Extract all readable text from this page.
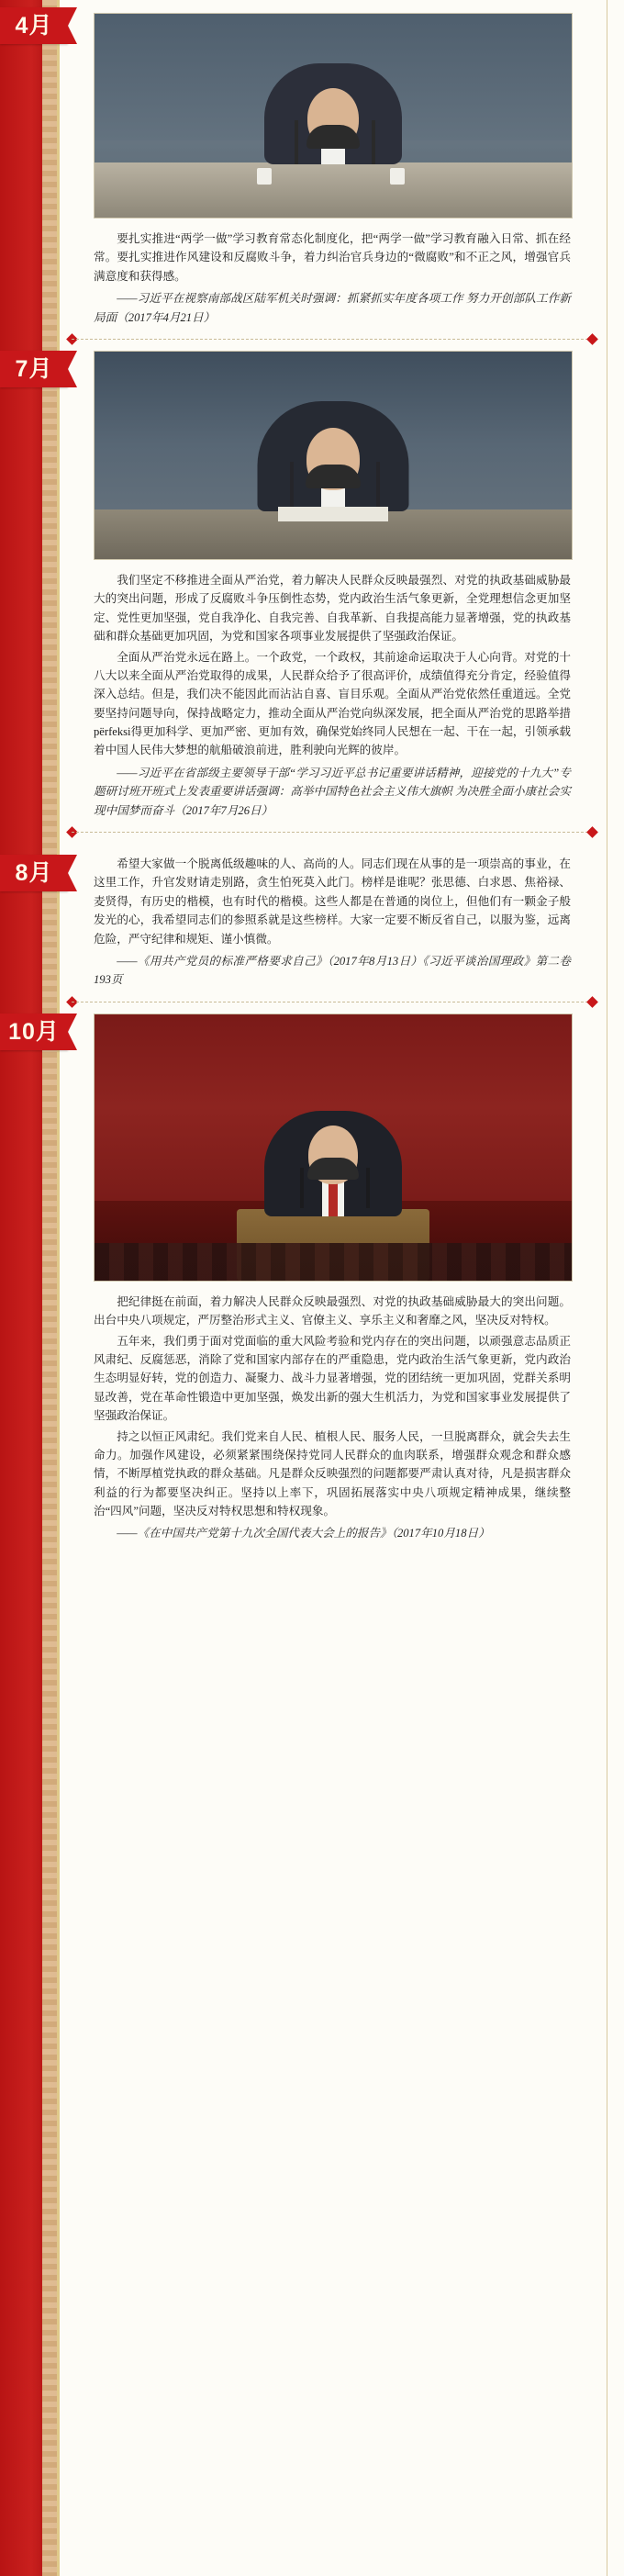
4月

要扎实推进“两学一做”学习教育常态化制度化，把“两学一做”学习教育融入日常、抓在经常。要扎实推进作风建设和反腐败斗争，着力纠治官兵身边的“微腐败”和不正之风，增强官兵满意度和获得感。

——习近平在视察南部战区陆军机关时强调：抓紧抓实年度各项工作 努力开创部队工作新局面（2017年4月21日）

7月

我们坚定不移推进全面从严治党，着力解决人民群众反映最强烈、对党的执政基础威胁最大的突出问题，形成了反腐败斗争压倒性态势，党内政治生活气象更新，全党理想信念更加坚定、党性更加坚强，党自我净化、自我完善、自我革新、自我提高能力显著增强，党的执政基础和群众基础更加巩固，为党和国家各项事业发展提供了坚强政治保证。

全面从严治党永远在路上。一个政党，一个政权，其前途命运取决于人心向背。对党的十八大以来全面从严治党取得的成果，人民群众给予了很高评价，成绩值得充分肯定，经验值得深入总结。但是，我们决不能因此而沾沾自喜、盲目乐观。全面从严治党依然任重道远。全党要坚持问题导向，保持战略定力，推动全面从严治党向纵深发展，把全面从严治党的思路举措përfeksi得更加科学、更加严密、更加有效，确保党始终同人民想在一起、干在一起，引领承载着中国人民伟大梦想的航船破浪前进，胜利驶向光辉的彼岸。

——习近平在省部级主要领导干部“学习习近平总书记重要讲话精神，迎接党的十九大”专题研讨班开班式上发表重要讲话强调：高举中国特色社会主义伟大旗帜 为决胜全面小康社会实现中国梦而奋斗（2017年7月26日）

8月	希望大家做一个脱离低级趣味的人、高尚的人。同志们现在从事的是一项崇高的事业，在这里工作，升官发财请走别路，贪生怕死莫入此门。榜样是谁呢？张思德、白求恩、焦裕禄、麦贤得，有历史的楷模，也有时代的楷模。这些人都是在普通的岗位上，但他们有一颗金子般发光的心，我希望同志们的参照系就是这些榜样。大家一定要不断反省自己，以服为鉴，远离危险，严守纪律和规矩、谨小慎微。

——《用共产党员的标准严格要求自己》（2017年8月13日）《习近平谈治国理政》第二卷193页

10月

把纪律挺在前面，着力解决人民群众反映最强烈、对党的执政基础威胁最大的突出问题。出台中央八项规定，严厉整治形式主义、官僚主义、享乐主义和奢靡之风，坚决反对特权。

五年来，我们勇于面对党面临的重大风险考验和党内存在的突出问题，以顽强意志品质正风肃纪、反腐惩恶，消除了党和国家内部存在的严重隐患，党内政治生活气象更新，党内政治生态明显好转，党的创造力、凝聚力、战斗力显著增强，党的团结统一更加巩固，党群关系明显改善，党在革命性锻造中更加坚强，焕发出新的强大生机活力，为党和国家事业发展提供了坚强政治保证。

持之以恒正风肃纪。我们党来自人民、植根人民、服务人民，一旦脱离群众，就会失去生命力。加强作风建设，必须紧紧围绕保持党同人民群众的血肉联系，增强群众观念和群众感情，不断厚植党执政的群众基础。凡是群众反映强烈的问题都要严肃认真对待，凡是损害群众利益的行为都要坚决纠正。坚持以上率下，巩固拓展落实中央八项规定精神成果，继续整治“四风”问题，坚决反对特权思想和特权现象。

——《在中国共产党第十九次全国代表大会上的报告》（2017年10月18日）
